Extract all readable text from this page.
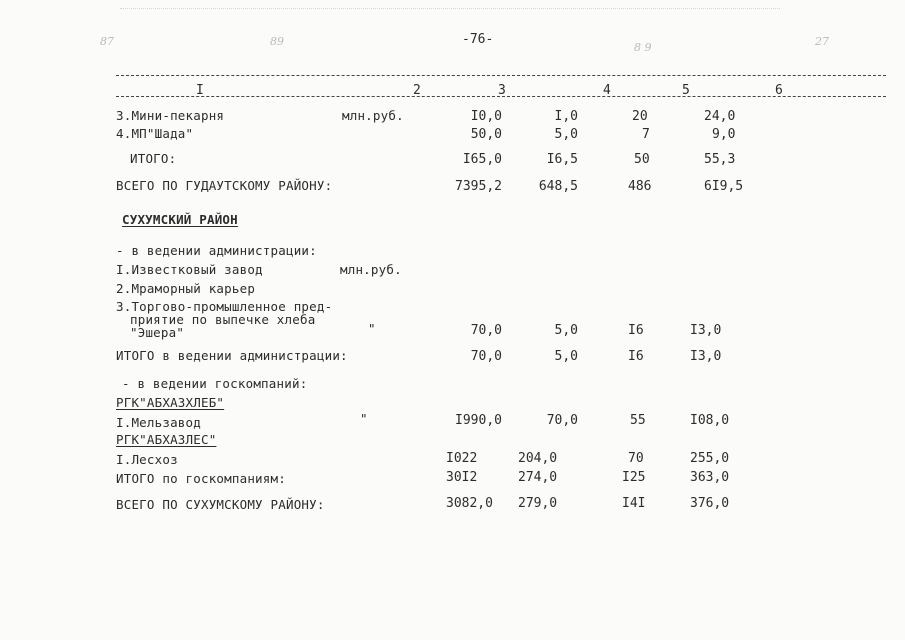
87	89	8 9	27
-76-
I	2	3	4	5	6
3.Мини-пекарня	млн.руб.	I0,0	I,0	20	24,0
4.МП"Шада"	50,0	5,0	7	9,0
ИТОГО:	I65,0	I6,5	50	55,3
ВСЕГО ПО ГУДАУТСКОМУ РАЙОНУ:	7395,2	648,5	486	6I9,5
СУХУМСКИЙ РАЙОН
- в ведении администрации:
I.Известковый завод	млн.руб.
2.Мраморный карьер
3.Торгово-промышленное пред-
приятие по выпечке хлеба
"Эшера"	"	70,0	5,0	I6	I3,0
ИТОГО в ведении администрации:	70,0	5,0	I6	I3,0
- в ведении госкомпаний:
РГК"АБХАЗХЛЕБ"
I.Мельзавод	"	I990,0	70,0	55	I08,0
РГК"АБХАЗЛЕС"
I.Лесхоз	I022	204,0	70	255,0
ИТОГО по госкомпаниям:	30I2	274,0	I25	363,0
ВСЕГО ПО СУХУМСКОМУ РАЙОНУ:	3082,0 279,0	I4I	376,0
